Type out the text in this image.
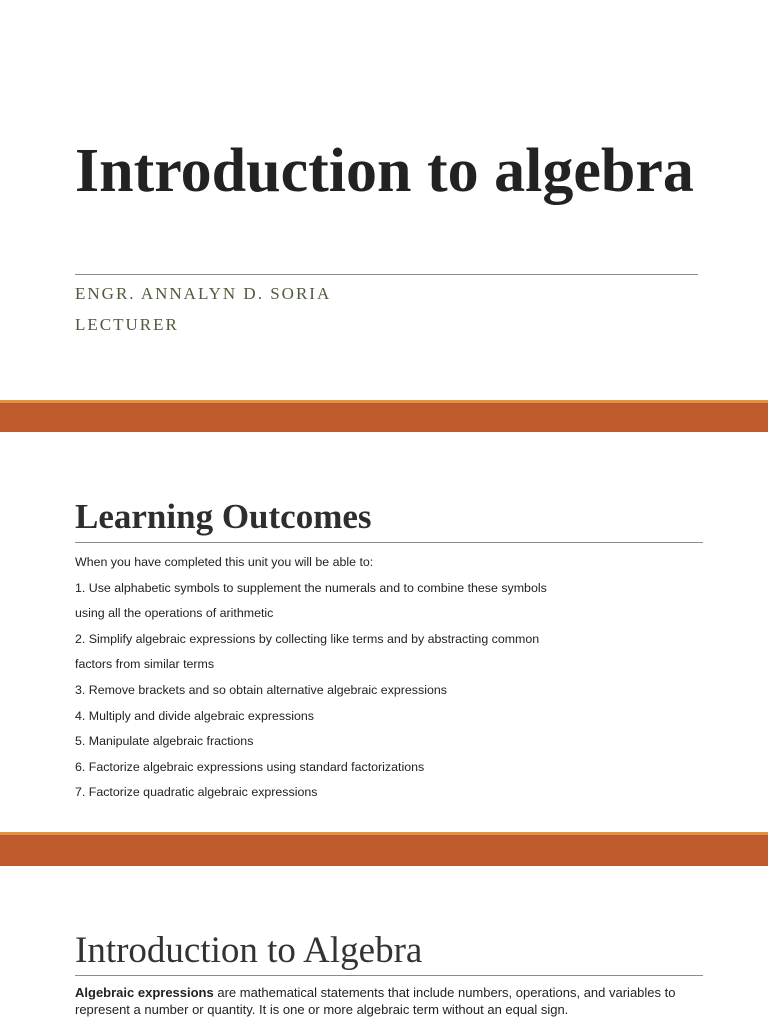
Introduction to algebra
ENGR. ANNALYN D. SORIA
LECTURER
Learning Outcomes
When you have completed this unit you will be able to:
1. Use alphabetic symbols to supplement the numerals and to combine these symbols
using all the operations of arithmetic
2. Simplify algebraic expressions by collecting like terms and by abstracting common
factors from similar terms
3. Remove brackets and so obtain alternative algebraic expressions
4. Multiply and divide algebraic expressions
5. Manipulate algebraic fractions
6. Factorize algebraic expressions using standard factorizations
7. Factorize quadratic algebraic expressions
Introduction to Algebra

Algebraic expressions are mathematical statements that include numbers, operations, and variables to represent a number or quantity. It is one or more algebraic term without an equal sign.
